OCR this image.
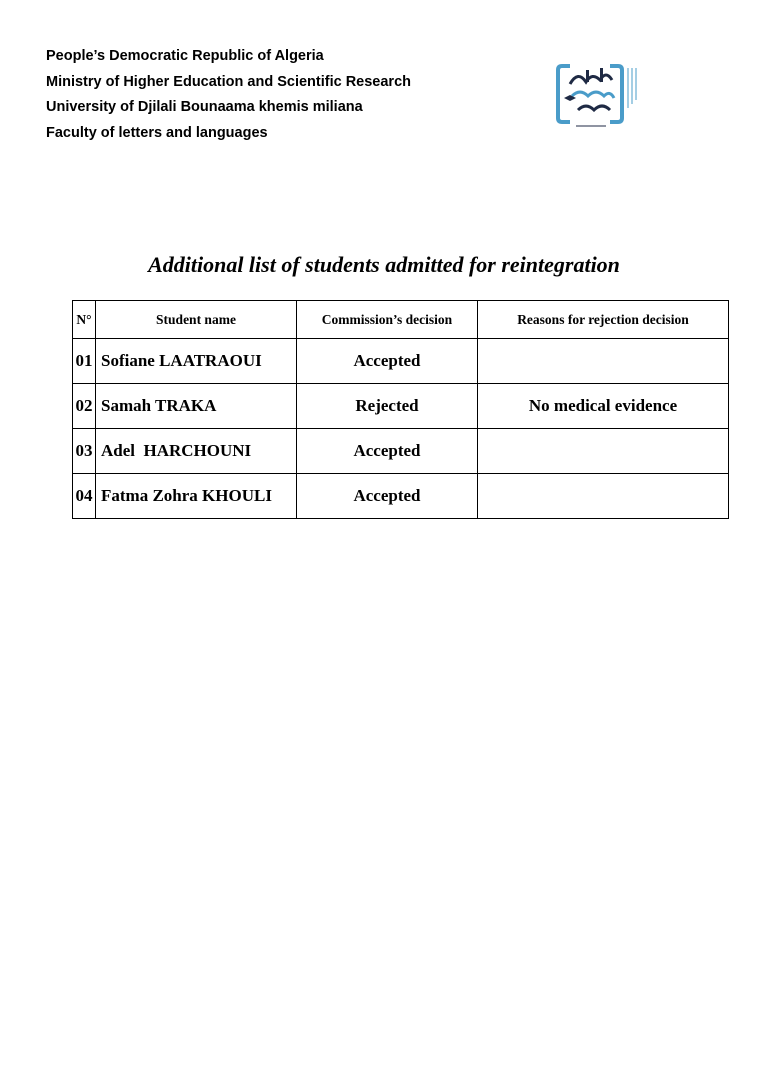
People’s Democratic Republic of Algeria
Ministry of Higher Education and Scientific Research
University of Djilali Bounaama khemis miliana
Faculty of letters and languages
Additional list of students admitted for reintegration
N°	Student name	Commission’s decision	Reasons for rejection decision
01	Sofiane LAATRAOUI	Accepted	
02	Samah TRAKA	Rejected	No medical evidence
03	Adel  HARCHOUNI	Accepted	
04	Fatma Zohra KHOULI	Accepted	
